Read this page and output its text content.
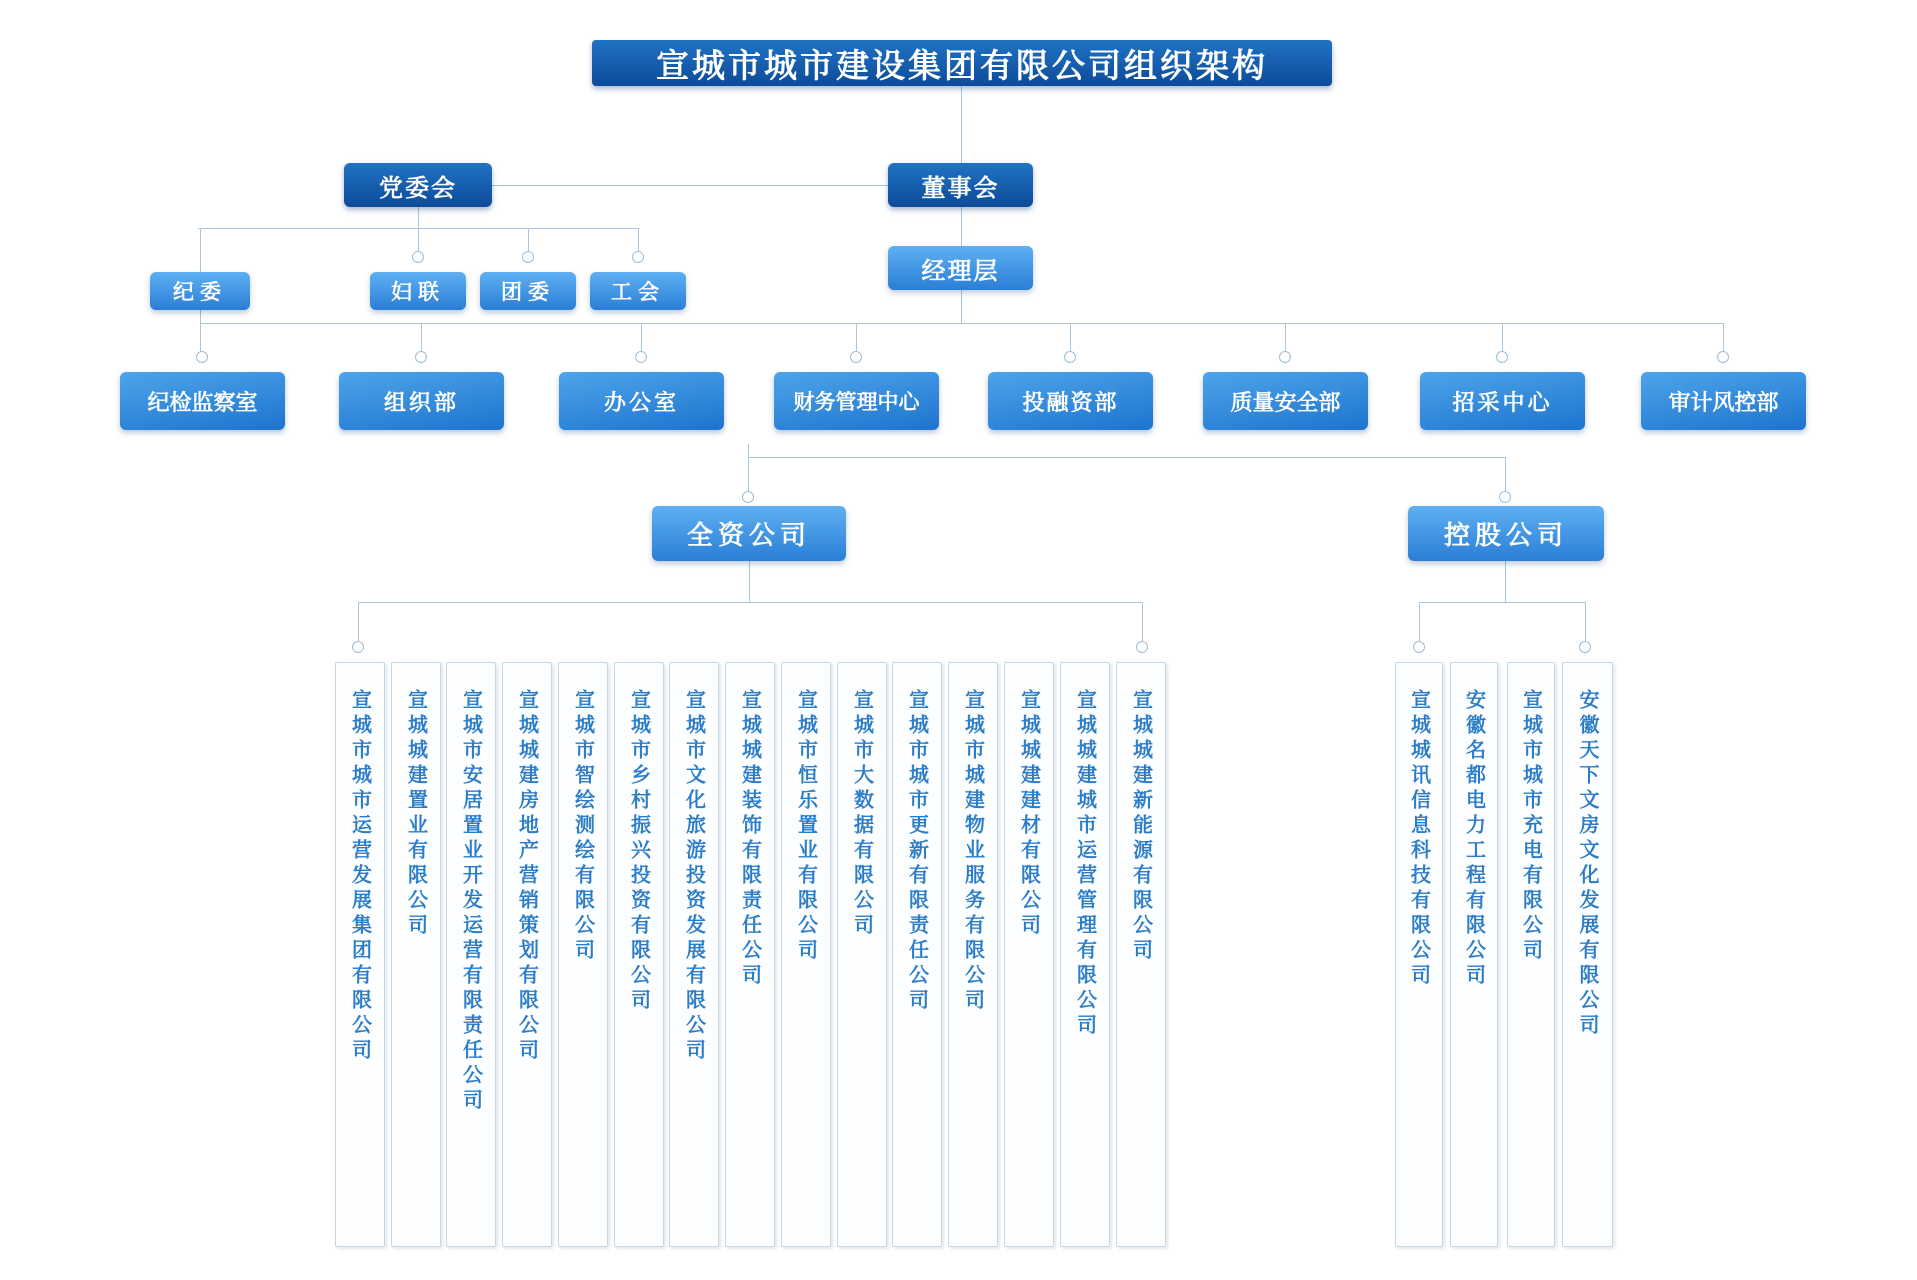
宣城市城市建设集团有限公司组织架构
党委会	董事会
经理层
纪委	妇联	团委	工会
纪检监察室	组织部	办公室	财务管理中心	投融资部	质量安全部	招采中心	审计风控部
全资公司	控股公司
宣城市城市运营发展集团有限公司 宣城城建置业有限公司 宣城市安居置业开发运营有限责任公司 宣城城建房地产营销策划有限公司 宣城市智绘测绘有限公司 宣城市乡村振兴投资有限公司 宣城市文化旅游投资发展有限公司 宣城城建装饰有限责任公司 宣城市恒乐置业有限公司 宣城市大数据有限公司 宣城市城市更新有限责任公司 宣城市城建物业服务有限公司 宣城城建建材有限公司 宣城城建城市运营管理有限公司 宣城城建新能源有限公司	宣城城讯信息科技有限公司 安徽名都电力工程有限公司 宣城市城市充电有限公司 安徽天下文房文化发展有限公司
